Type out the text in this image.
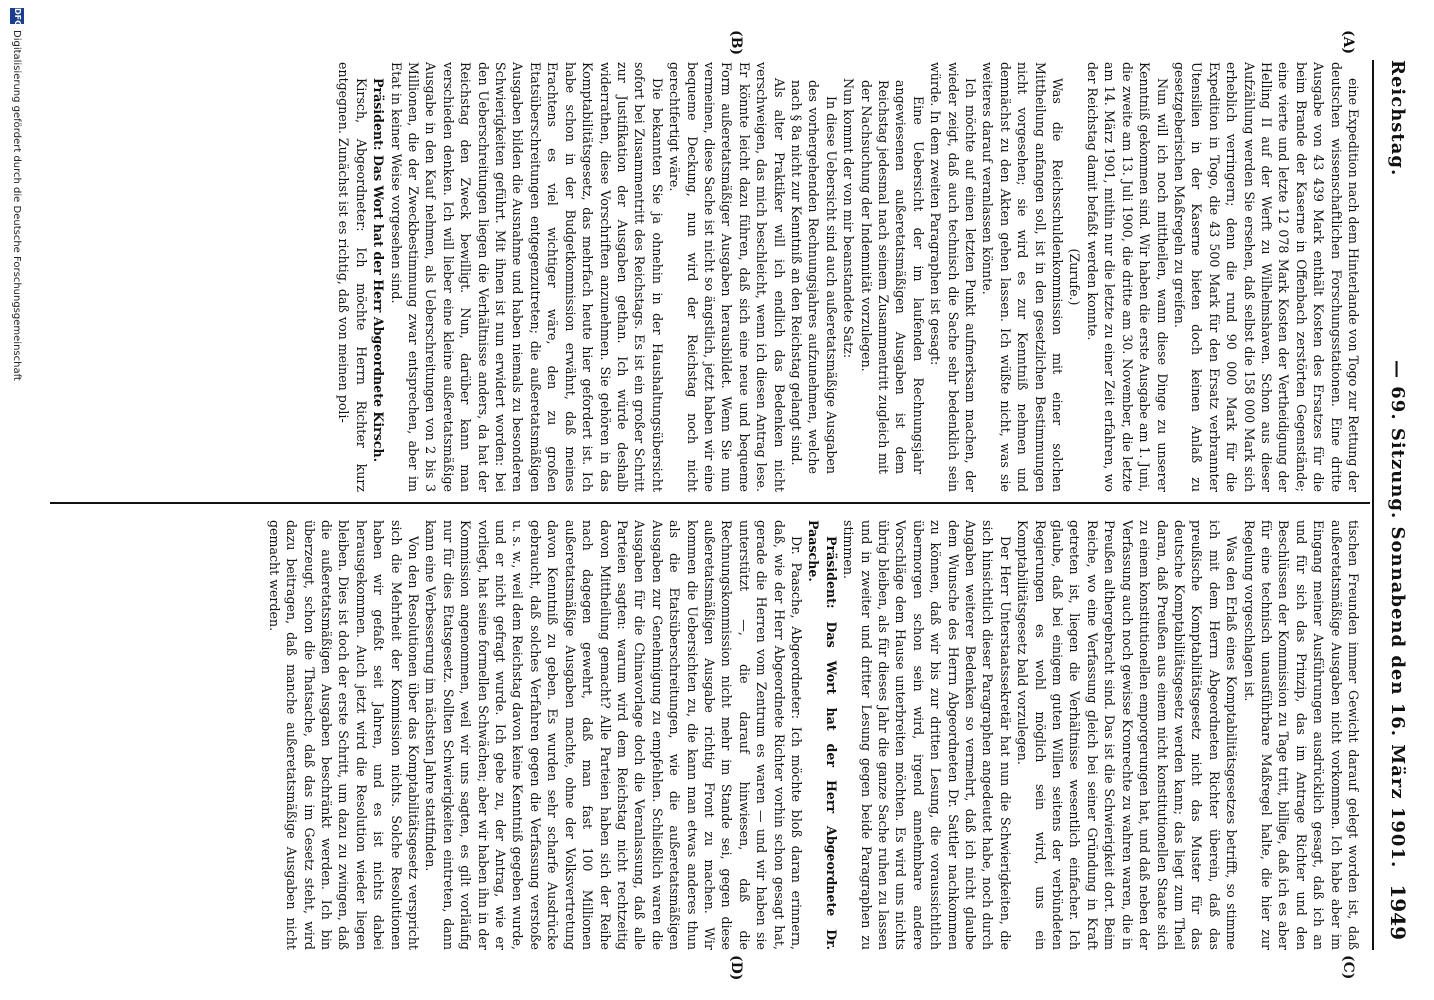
Reichstag.
— 69. Sitzung. Sonnabend den 16. März 1901.
1949
(A)
(B)
(C)
(D)

eine Expedition nach dem Hinterlande von Togo zur Rettung der deutschen wissenschaftlichen Forschungsstationen. Eine dritte Ausgabe von 43 439 Mark enthält Kosten des Ersatzes für die beim Brande der Kaserne in Offenbach zerstörten Gegenstände; eine vierte und letzte 12 078 Mark Kosten der Vertheidigung der Helling II auf der Werft zu Wilhelmshaven. Schon aus dieser Aufzählung werden Sie ersehen, daß selbst die 158 000 Mark sich erheblich verringern; denn die rund 90 000 Mark für die Expedition in Togo, die 43 500 Mark für den Ersatz verbrannter Utensilien in der Kaserne bieten doch keinen Anlaß zu gesetzgeberischen Maßregeln zu greifen.

Nun will ich noch mittheilen, wann diese Dinge zu unserer Kenntniß gekommen sind. Wir haben die erste Ausgabe am 1. Juni, die zweite am 13. Juli 1900, die dritte am 30. November, die letzte am 14. März 1901, mithin nur die letzte zu einer Zeit erfahren, wo der Reichstag damit befaßt werden konnte.

(Zurufe.)

Was die Reichsschuldenkommission mit einer solchen Mittheilung anfangen soll, ist in den gesetzlichen Bestimmungen nicht vorgesehen; sie wird es zur Kenntniß nehmen und demnächst zu den Akten gehen lassen. Ich wüßte nicht, was sie weiteres darauf veranlassen könnte.

Ich möchte auf einen letzten Punkt aufmerksam machen, der wieder zeigt, daß auch technisch die Sache sehr bedenklich sein würde. In dem zweiten Paragraphen ist gesagt:

Eine Uebersicht der im laufenden Rechnungsjahr angewiesenen außeretatsmäßigen Ausgaben ist dem Reichstag jedesmal nach seinem Zusammentritt zugleich mit der Nachsuchung der Indemnität vorzulegen.

Nun kommt der von mir beanstandete Satz:

In diese Uebersicht sind auch außeretatsmäßige Ausgaben des vorhergehenden Rechnungsjahres aufzunehmen, welche nach § 8a nicht zur Kenntniß an den Reichstag gelangt sind.

Als alter Praktiker will ich endlich das Bedenken nicht verschweigen, das mich beschleicht, wenn ich diesen Antrag lese. Er könnte leicht dazu führen, daß sich eine neue und bequeme Form außeretatsmäßiger Ausgaben herausbildet. Wenn Sie nun vermeinen, diese Sache ist nicht so ängstlich, jetzt haben wir eine bequeme Deckung, nun wird der Reichstag noch nicht gerechtfertigt wäre.

Die bekannten Sie ja ohnehin in der Haushaltungsübersicht sofort bei Zusammentritt des Reichstags. Es ist ein großer Schritt zur Justifikation der Ausgaben gethan. Ich würde deshalb widerrathen, diese Vorschriften anzunehmen. Sie gehören in das Komptabilitätsgesetz, das mehrfach heute hier gefordert ist. Ich habe schon in der Budgetkommission erwähnt, daß meines Erachtens es viel wichtiger wäre, den zu großen Etatsüberschreitungen entgegenzutreten; die außeretatsmäßigen Ausgaben bilden die Ausnahme und haben niemals zu besonderen Schwierigkeiten geführt. Mit ihnen ist nun erwidert worden: bei den Ueberschreitungen liegen die Verhältnisse anders, da hat der Reichstag den Zweck bewilligt. Nun, darüber kann man verschieden denken. Ich will lieber eine kleine außeretatsmäßige Ausgabe in den Kauf nehmen, als Ueberschreitungen von 2 bis 3 Millionen, die der Zweckbestimmung zwar entsprechen, aber im Etat in keiner Weise vorgesehen sind.

Präsident: Das Wort hat der Herr Abgeordnete Kirsch.

Kirsch, Abgeordneter: Ich möchte Herrn Richter kurz entgegnen. Zunächst ist es richtig, daß von meinen poli-

tischen Freunden immer Gewicht darauf gelegt worden ist, daß außeretatsmäßige Ausgaben nicht vorkommen. Ich habe aber im Eingang meiner Ausführungen ausdrücklich gesagt, daß ich an und für sich das Prinzip, das im Antrage Richter und den Beschlüssen der Kommission zu Tage tritt, billige, daß ich es aber für eine technisch unausführbare Maßregel halte, die hier zur Regelung vorgeschlagen ist.

Was den Erlaß eines Komptabilitätsgesetzes betrifft, so stimme ich mit dem Herrn Abgeordneten Richter überein, daß das preußische Komptabilitätsgesetz nicht das Muster für das deutsche Komptabilitätsgesetz werden kann; das liegt zum Theil daran, daß Preußen aus einem nicht konstitutionellen Staate sich zu einem konstitutionellen emporgerungen hat, und daß neben der Verfassung auch noch gewisse Kronrechte zu wahren waren, die in Preußen althergebracht sind. Das ist die Schwierigkeit dort. Beim Reiche, wo eine Verfassung gleich bei seiner Gründung in Kraft getreten ist, liegen die Verhältnisse wesentlich einfacher. Ich glaube, daß bei einigem guten Willen seitens der verbündeten Regierungen es wohl möglich sein wird, uns ein Komptabilitätsgesetz bald vorzulegen.

Der Herr Unterstaatssekretär hat nun die Schwierigkeiten, die sich hinsichtlich dieser Paragraphen angedeutet habe, noch durch Angaben weiterer Bedenken so vermehrt, daß ich nicht glaube dem Wunsche des Herrn Abgeordneten Dr. Sattler nachkommen zu können, daß wir bis zur dritten Lesung, die voraussichtlich übermorgen schon sein wird, irgend annehmbare andere Vorschläge dem Hause unterbreiten möchten. Es wird uns nichts übrig bleiben, als für dieses Jahr die ganze Sache ruhen zu lassen und in zweiter und dritter Lesung gegen beide Paragraphen zu stimmen.

Präsident: Das Wort hat der Herr Abgeordnete Dr. Paasche.

Dr. Paasche, Abgeordneter: Ich möchte bloß daran erinnern, daß, wie der Herr Abgeordnete Richter vorhin schon gesagt hat, gerade die Herren vom Zentrum es waren — und wir haben sie unterstützt —, die darauf hinwiesen, daß die Rechnungskommission nicht mehr im Stande sei, gegen diese außeretatsmäßigen Ausgabe richtig Front zu machen. Wir kommen die Uebersichten zu, die kann man etwas anderes thun als die Etatsüberschreitungen, wie die außeretatsmäßigen Ausgaben zur Genehmigung zu empfehlen. Schließlich waren die Ausgaben für die Chinavorlage doch die Veranlassung, daß alle Parteien sagten: warum wird dem Reichstag nicht rechtzeitig davon Mittheilung gemacht? Alle Parteien haben sich der Reihe nach dagegen gewehrt, daß man fast 100 Millionen außeretatsmäßige Ausgaben machte, ohne der Volksvertretung davon Kenntniß zu geben. Es wurden sehr scharfe Ausdrücke gebraucht, daß solches Verfahren gegen die Verfassung verstoße u. s. w., weil dem Reichstag davon keine Kenntniß gegeben wurde, und er nicht gefragt wurde. Ich gebe zu, der Antrag, wie er vorliegt, hat seine formellen Schwächen; aber wir haben ihn in der Kommission angenommen, weil wir uns sagten, es gilt vorläufig nur für dies Etatsgesetz. Sollten Schwierigkeiten eintreten, dann kann eine Verbesserung im nächsten Jahre stattfinden.

Von den Resolutionen über das Komptabilitätsgesetz verspricht sich die Mehrheit der Kommission nichts. Solche Resolutionen haben wir gefaßt seit Jahren, und es ist nichts dabei herausgekommen. Auch jetzt wird die Resolution wieder liegen bleiben. Dies ist doch der erste Schritt, um dazu zu zwingen, daß die außeretatsmäßigen Ausgaben beschränkt werden. Ich bin überzeugt, schon die Thatsache, daß das im Gesetz steht, wird dazu beitragen, daß manche außeretatsmäßige Ausgaben nicht gemacht werden.

DFG
Digitalisierung gefördert durch die Deutsche Forschungsgemeinschaft
